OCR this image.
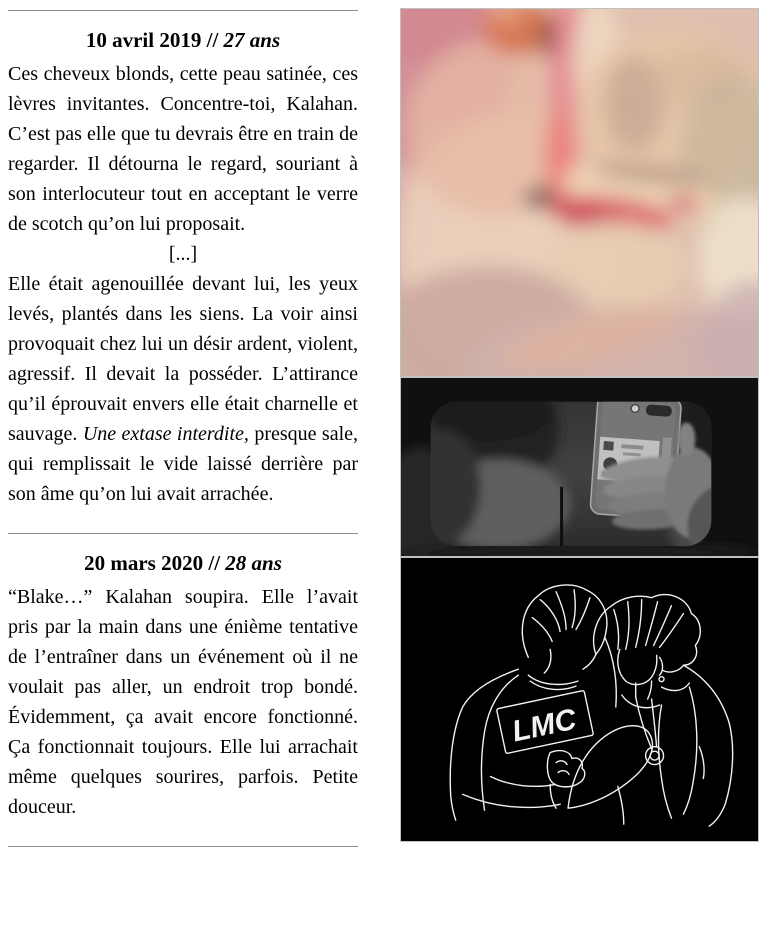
10 avril 2019 // 27 ans

Ces cheveux blonds, cette peau satinée, ces lèvres invitantes. Concentre-toi, Kalahan. C’est pas elle que tu devrais être en train de regarder. Il détourna le regard, souriant à son interlocuteur tout en acceptant le verre de scotch qu’on lui proposait.

[...]

Elle était agenouillée devant lui, les yeux levés, plantés dans les siens. La voir ainsi provoquait chez lui un désir ardent, violent, agressif. Il devait la posséder. L’attirance qu’il éprouvait envers elle était charnelle et sauvage. Une extase interdite, presque sale, qui remplissait le vide laissé derrière par son âme qu’on lui avait arrachée.

20 mars 2020 // 28 ans

“Blake…” Kalahan soupira. Elle l’avait pris par la main dans une énième tentative de l’entraîner dans un événement où il ne voulait pas aller, un endroit trop bondé. Évidemment, ça avait encore fonctionné. Ça fonctionnait toujours. Elle lui arrachait même quelques sourires, parfois. Petite douceur.

LMC
